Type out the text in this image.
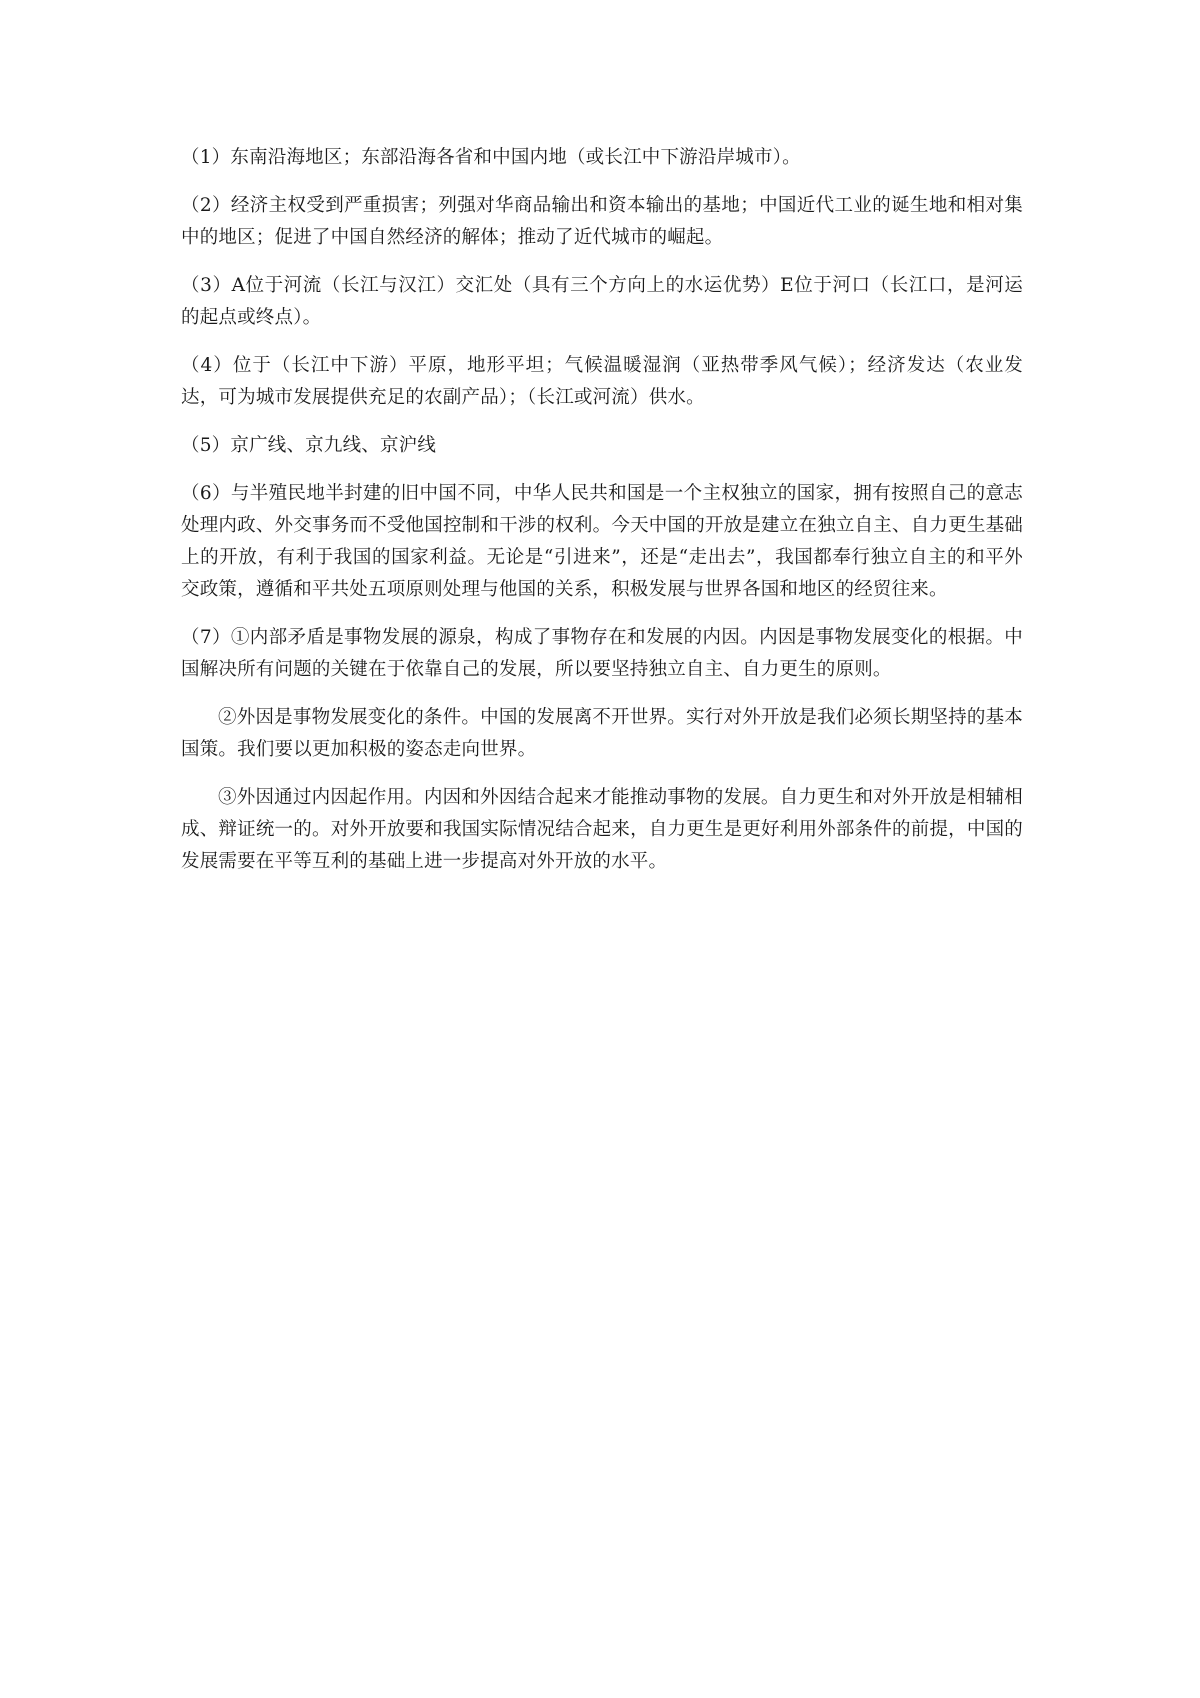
（1）东南沿海地区；东部沿海各省和中国内地（或长江中下游沿岸城市）。

（2）经济主权受到严重损害；列强对华商品输出和资本输出的基地；中国近代工业的诞生地和相对集中的地区；促进了中国自然经济的解体；推动了近代城市的崛起。

（3）A位于河流（长江与汉江）交汇处（具有三个方向上的水运优势）E位于河口（长江口，是河运的起点或终点）。

（4）位于（长江中下游）平原，地形平坦；气候温暖湿润（亚热带季风气候）；经济发达（农业发达，可为城市发展提供充足的农副产品）；（长江或河流）供水。

（5）京广线、京九线、京沪线

（6）与半殖民地半封建的旧中国不同，中华人民共和国是一个主权独立的国家，拥有按照自己的意志处理内政、外交事务而不受他国控制和干涉的权利。今天中国的开放是建立在独立自主、自力更生基础上的开放，有利于我国的国家利益。无论是“引进来”，还是“走出去”，我国都奉行独立自主的和平外交政策，遵循和平共处五项原则处理与他国的关系，积极发展与世界各国和地区的经贸往来。

（7）①内部矛盾是事物发展的源泉，构成了事物存在和发展的内因。内因是事物发展变化的根据。中国解决所有问题的关键在于依靠自己的发展，所以要坚持独立自主、自力更生的原则。

②外因是事物发展变化的条件。中国的发展离不开世界。实行对外开放是我们必须长期坚持的基本国策。我们要以更加积极的姿态走向世界。

③外因通过内因起作用。内因和外因结合起来才能推动事物的发展。自力更生和对外开放是相辅相成、辩证统一的。对外开放要和我国实际情况结合起来，自力更生是更好利用外部条件的前提，中国的发展需要在平等互利的基础上进一步提高对外开放的水平。
